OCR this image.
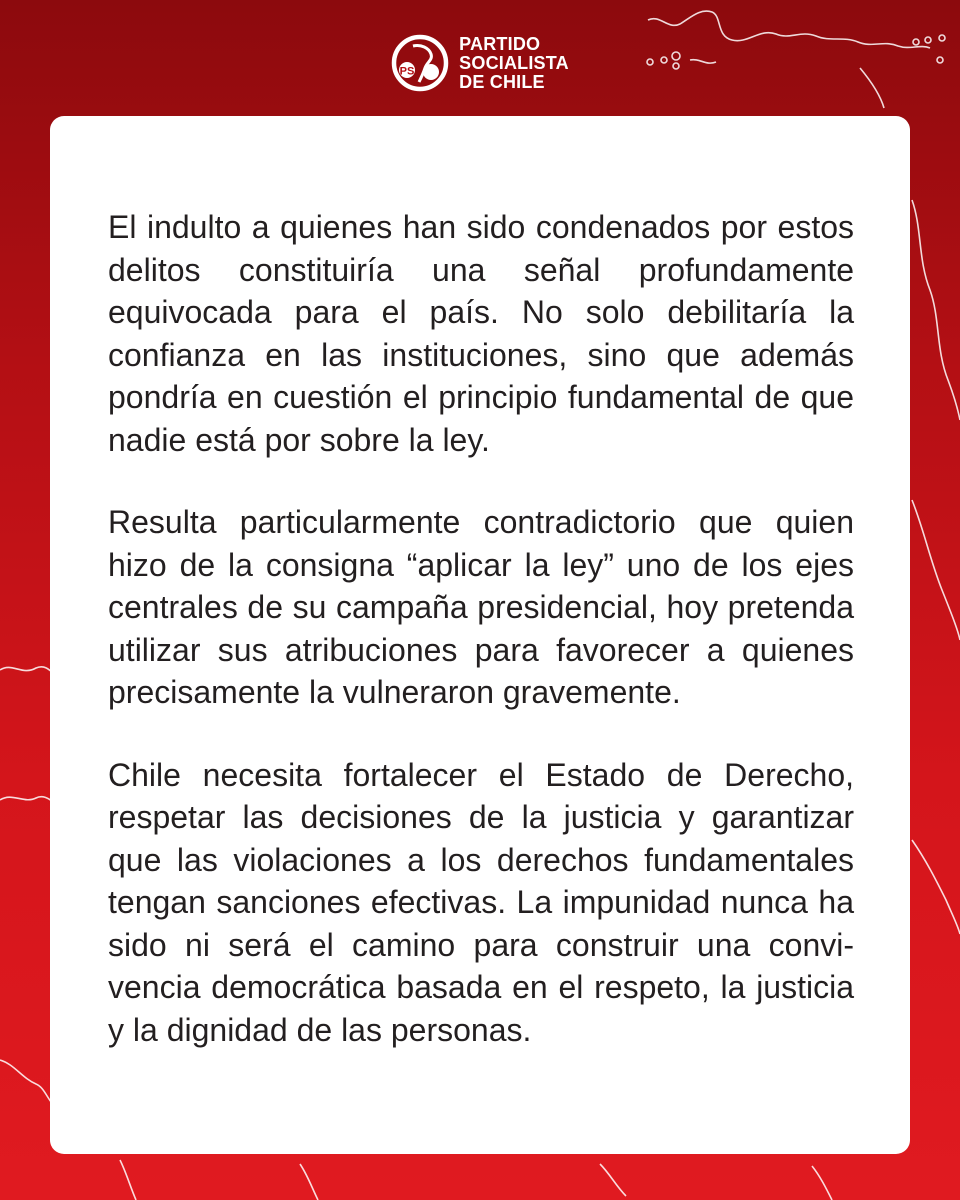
PS
PARTIDO
SOCIALISTA
DE CHILE

El indulto a quienes han sido condenados por estos delitos constituiría una señal profundamente equivocada para el país. No solo debilitaría la confianza en las instituciones, sino que además pondría en cuestión el principio fundamental de que nadie está por sobre la ley.

Resulta particularmente contradictorio que quien hizo de la consigna “aplicar la ley” uno de los ejes centrales de su campaña presidencial, hoy pretenda utilizar sus atribuciones para favorecer a quienes precisamente la vulneraron gravemente.

Chile necesita fortalecer el Estado de Derecho, respetar las decisiones de la justicia y garantizar que las violaciones a los derechos fundamentales tengan sanciones efectivas. La impunidad nunca ha sido ni será el camino para construir una convivencia democrática basada en el respeto, la justicia y la dignidad de las personas.
